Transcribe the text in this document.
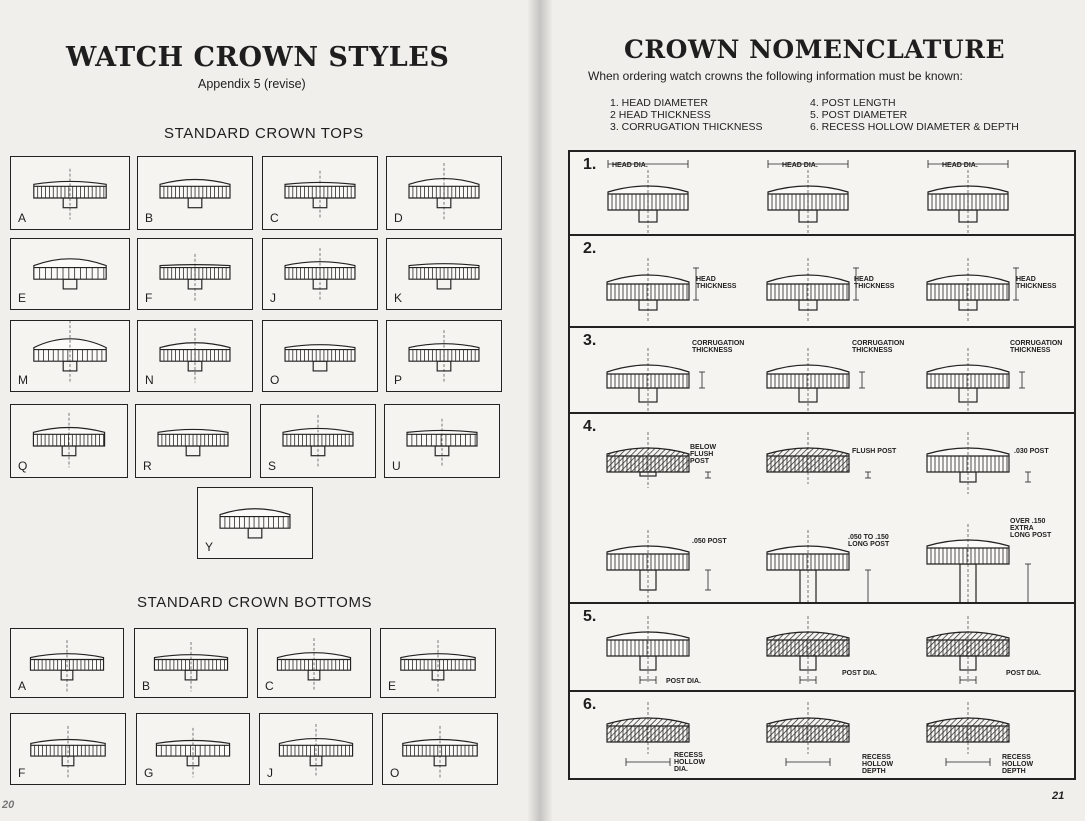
WATCH CROWN STYLES
Appendix 5 (revise)
STANDARD CROWN TOPS
A	B	C	D
E	F	J	K
M	N	O	P
Q	R	S	U
Y
STANDARD CROWN BOTTOMS
A	B	C	E
F	G	J	O
20
CROWN NOMENCLATURE
When ordering watch crowns the following information must be known:
1. HEAD DIAMETER
2 HEAD THICKNESS
3. CORRUGATION THICKNESS
4. POST LENGTH
5. POST DIAMETER
6. RECESS HOLLOW DIAMETER & DEPTH
1. HEAD DIA.	HEAD DIA.	HEAD DIA.
2.
HEAD THICKNESS
HEAD THICKNESS
HEAD THICKNESS
3.	CORRUGATION THICKNESS
CORRUGATION THICKNESS
CORRUGATION THICKNESS
4.
BELOW FLUSH POST
FLUSH POST	.030 POST
.050 POST
.050 TO .150 LONG POST
OVER .150 EXTRA LONG POST
5.
POST DIA.
POST DIA.	POST DIA.
6.
RECESS HOLLOW DIA.
RECESS HOLLOW DEPTH
RECESS HOLLOW DEPTH
21
